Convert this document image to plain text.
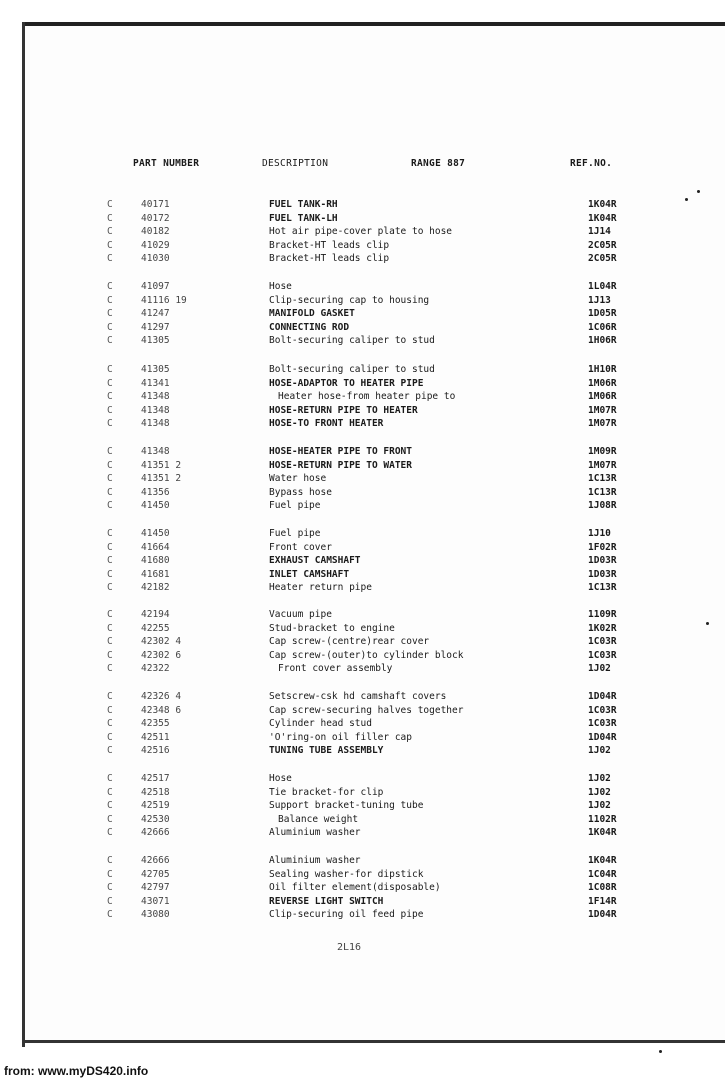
PART NUMBER	DESCRIPTION	RANGE 887	REF.NO.
C	40171	FUEL TANK-RH	1K04R
C	40172	FUEL TANK-LH	1K04R
C	40182	Hot air pipe-cover plate to hose	1J14
C	41029	Bracket-HT leads clip	2C05R
C	41030	Bracket-HT leads clip	2C05R
C	41097	Hose	1L04R
C	41116 19	Clip-securing cap to housing	1J13
C	41247	MANIFOLD GASKET	1D05R
C	41297	CONNECTING ROD	1C06R
C	41305	Bolt-securing caliper to stud	1H06R
C	41305	Bolt-securing caliper to stud	1H10R
C	41341	HOSE-ADAPTOR TO HEATER PIPE	1M06R
C	41348	Heater hose-from heater pipe to	1M06R
C	41348	HOSE-RETURN PIPE TO HEATER	1M07R
C	41348	HOSE-TO FRONT HEATER	1M07R
C	41348	HOSE-HEATER PIPE TO FRONT	1M09R
C	41351 2	HOSE-RETURN PIPE TO WATER	1M07R
C	41351 2	Water hose	1C13R
C	41356	Bypass hose	1C13R
C	41450	Fuel pipe	1J08R
C	41450	Fuel pipe	1J10
C	41664	Front cover	1F02R
C	41680	EXHAUST CAMSHAFT	1D03R
C	41681	INLET CAMSHAFT	1D03R
C	42182	Heater return pipe	1C13R
C	42194	Vacuum pipe	1109R
C	42255	Stud-bracket to engine	1K02R
C	42302 4	Cap screw-(centre)rear cover	1C03R
C	42302 6	Cap screw-(outer)to cylinder block	1C03R
C	42322	Front cover assembly	1J02
C	42326 4	Setscrew-csk hd camshaft covers	1D04R
C	42348 6	Cap screw-securing halves together	1C03R
C	42355	Cylinder head stud	1C03R
C	42511	'O'ring-on oil filler cap	1D04R
C	42516	TUNING TUBE ASSEMBLY	1J02
C	42517	Hose	1J02
C	42518	Tie bracket-for clip	1J02
C	42519	Support bracket-tuning tube	1J02
C	42530	Balance weight	1102R
C	42666	Aluminium washer	1K04R
C	42666	Aluminium washer	1K04R
C	42705	Sealing washer-for dipstick	1C04R
C	42797	Oil filter element(disposable)	1C08R
C	43071	REVERSE LIGHT SWITCH	1F14R
C	43080	Clip-securing oil feed pipe	1D04R
2L16
from: www.myDS420.info
